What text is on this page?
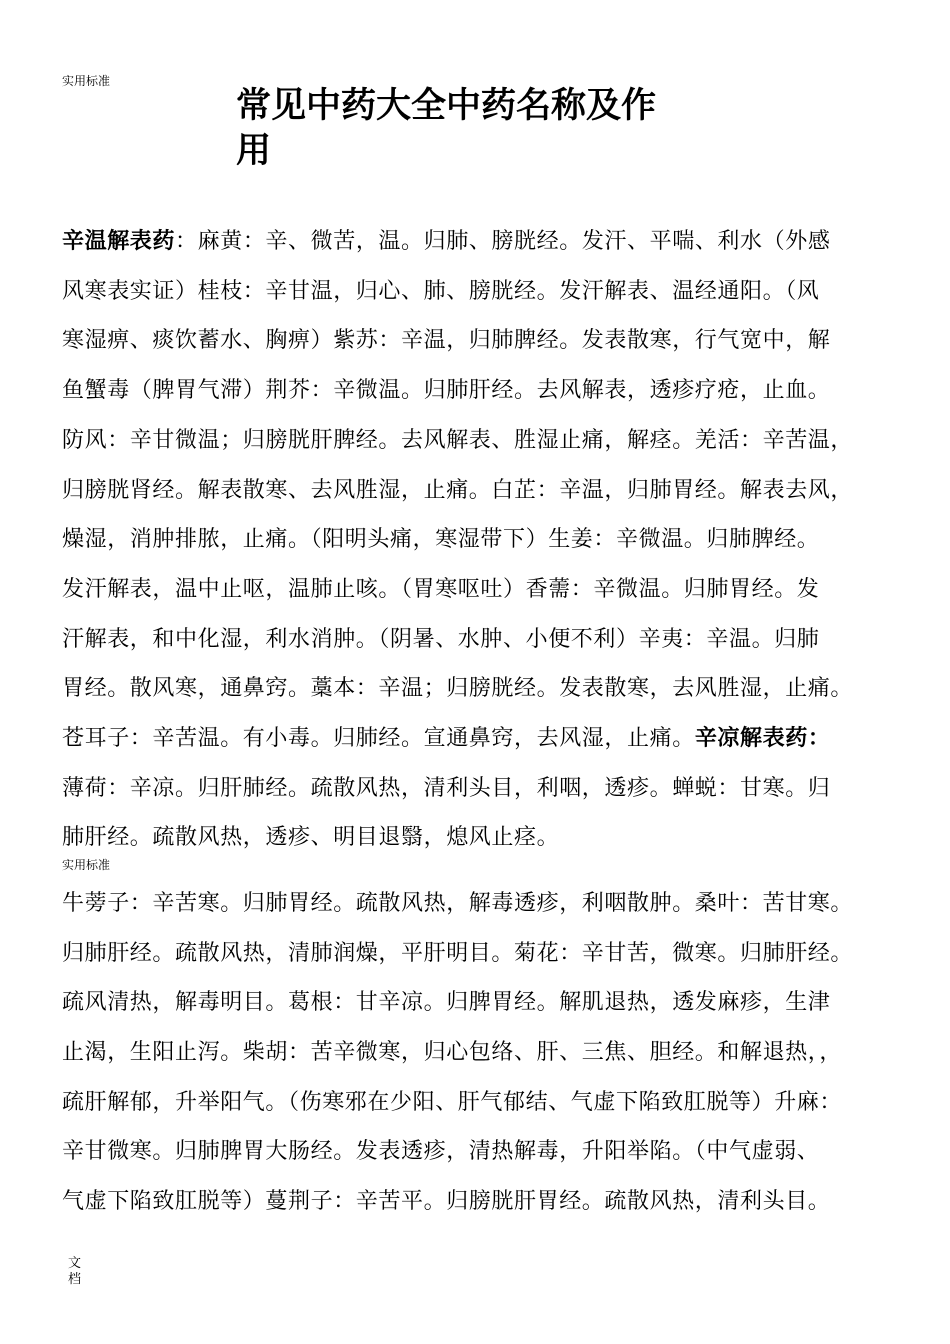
实用标准
常见中药大全中药名称及作
用
辛温解表药：麻黄：辛、微苦，温。归肺、膀胱经。发汗、平喘、利水（外感
风寒表实证）桂枝：辛甘温，归心、肺、膀胱经。发汗解表、温经通阳。（风
寒湿痹、痰饮蓄水、胸痹）紫苏：辛温，归肺脾经。发表散寒，行气宽中，解
鱼蟹毒（脾胃气滞）荆芥：辛微温。归肺肝经。去风解表，透疹疗疮，止血。
防风：辛甘微温；归膀胱肝脾经。去风解表、胜湿止痛，解痉。羌活：辛苦温，
归膀胱肾经。解表散寒、去风胜湿，止痛。白芷：辛温，归肺胃经。解表去风，
燥湿，消肿排脓，止痛。（阳明头痛，寒湿带下）生姜：辛微温。归肺脾经。
发汗解表，温中止呕，温肺止咳。（胃寒呕吐）香薷：辛微温。归肺胃经。发
汗解表，和中化湿，利水消肿。（阴暑、水肿、小便不利）辛夷：辛温。归肺
胃经。散风寒，通鼻窍。藁本：辛温；归膀胱经。发表散寒，去风胜湿，止痛。
苍耳子：辛苦温。有小毒。归肺经。宣通鼻窍，去风湿，止痛。辛凉解表药：
薄荷：辛凉。归肝肺经。疏散风热，清利头目，利咽，透疹。蝉蜕：甘寒。归
肺肝经。疏散风热，透疹、明目退翳，熄风止痉。
实用标准
牛蒡子：辛苦寒。归肺胃经。疏散风热，解毒透疹，利咽散肿。桑叶：苦甘寒。
归肺肝经。疏散风热，清肺润燥，平肝明目。菊花：辛甘苦，微寒。归肺肝经。
疏风清热，解毒明目。葛根：甘辛凉。归脾胃经。解肌退热，透发麻疹，生津
止渴，生阳止泻。柴胡：苦辛微寒，归心包络、肝、三焦、胆经。和解退热，，
疏肝解郁，升举阳气。（伤寒邪在少阳、肝气郁结、气虚下陷致肛脱等）升麻：
辛甘微寒。归肺脾胃大肠经。发表透疹，清热解毒，升阳举陷。（中气虚弱、
气虚下陷致肛脱等）蔓荆子：辛苦平。归膀胱肝胃经。疏散风热，清利头目。
文档
